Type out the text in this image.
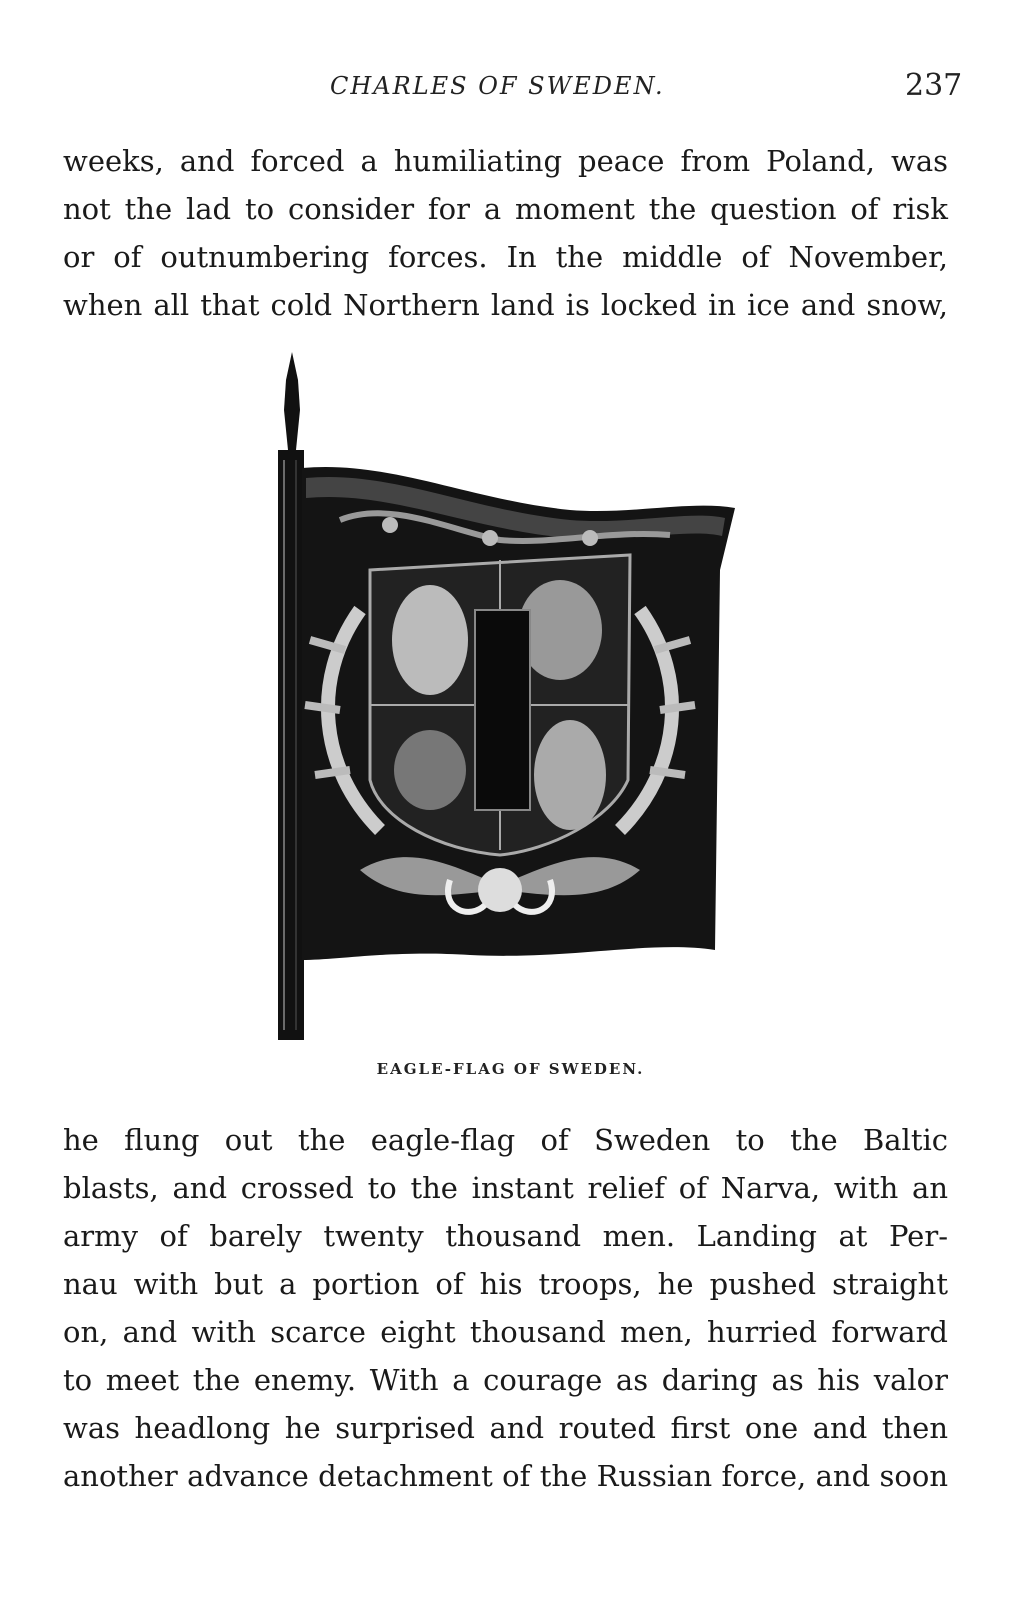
CHARLES OF SWEDEN.	237
weeks, and forced a humiliating peace from Poland, was
not the lad to consider for a moment the question of risk
or of outnumbering forces. In the middle of November,
when all that cold Northern land is locked in ice and snow,
EAGLE-FLAG OF SWEDEN.
he flung out the eagle-flag of Sweden to the Baltic
blasts, and crossed to the instant relief of Narva, with an
army of barely twenty thousand men. Landing at Per-
nau with but a portion of his troops, he pushed straight
on, and with scarce eight thousand men, hurried forward
to meet the enemy. With a courage as daring as his valor
was headlong he surprised and routed first one and then
another advance detachment of the Russian force, and soon
